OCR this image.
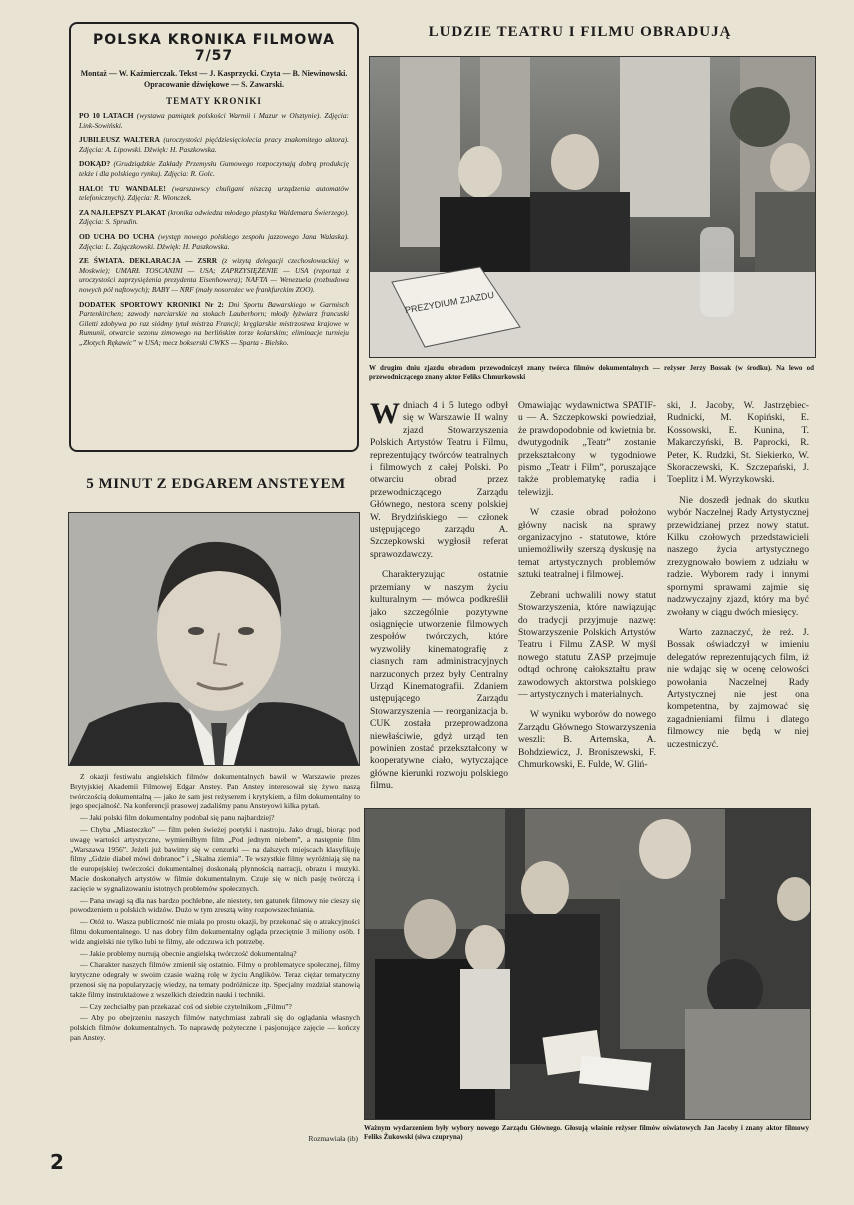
POLSKA KRONIKA FILMOWA 7/57

Montaż — W. Kaźmierczak. Tekst — J. Kasprzycki. Czyta — B. Niewinowski. Opracowanie dźwiękowe — S. Zawarski.

TEMATY KRONIKI

PO 10 LATACH (wystawa pamiątek polskości Warmii i Mazur w Olsztynie). Zdjęcia: Link-Sowiński.

JUBILEUSZ WALTERA (uroczystości pięćdziesięciolecia pracy znakomitego aktora). Zdjęcia: A. Lipowski. Dźwięk: H. Paszkowska.

DOKĄD? (Grudziądzkie Zakłady Przemysłu Gumowego rozpoczynają dobrą produkcję tekże i dla polskiego rynku). Zdjęcia: R. Golc.

HALO! TU WANDALE! (warszawscy chuligani niszczą urządzenia automatów telefonicznych). Zdjęcia: R. Wionczek.

ZA NAJLEPSZY PLAKAT (kronika odwiedza młodego plastyka Waldemara Świerzego). Zdjęcia: S. Sprudin.

OD UCHA DO UCHA (występ nowego polskiego zespołu jazzowego Jana Walaska). Zdjęcia: L. Zajączkowski. Dźwięk: H. Paszkowska.

ZE ŚWIATA. DEKLARACJA — ZSRR (z wizytą delegacji czechosłowackiej w Moskwie); UMARŁ TOSCANINI — USA; ZAPRZYSIĘŻENIE — USA (reportaż z uroczystości zaprzysiężenia prezydenta Eisenhowera); NAFTA — Wenezuela (rozbudowa nowych pól naftowych); BABY — NRF (mały nosorożec we frankfurckim ZOO).

DODATEK SPORTOWY KRONIKI Nr 2: Dni Sportu Bawarskiego w Garmisch Partenkirchen; zawody narciarskie na stokach Lauberhorn; młody łyżwiarz francuski Giletti zdobywa po raz siódmy tytuł mistrza Francji; kręglarskie mistrzostwa krajowe w Rumunii, otwarcie sezonu zimowego na berlińskim torze kolarskim; eliminacje turnieju „Złotych Rękawic” w USA; mecz bokserski CWKS — Sparta - Bielsko.

LUDZIE TEATRU I FILMU OBRADUJĄ
PREZYDIUM ZJAZDU
W drugim dniu zjazdu obradom przewodniczył znany twórca filmów dokumentalnych — reżyser Jerzy Bossak (w środku). Na lewo od przewodniczącego znany aktor Feliks Chmurkowski

Wdniach 4 i 5 lutego odbył się w Warszawie II walny zjazd Stowarzyszenia Polskich Artystów Teatru i Filmu, reprezentujący twórców teatralnych i filmowych z całej Polski. Po otwarciu obrad przez przewodniczącego Zarządu Głównego, nestora sceny polskiej W. Brydzińskiego — członek ustępującego zarządu A. Szczepkowski wygłosił referat sprawozdawczy.

Charakteryzując ostatnie przemiany w naszym życiu kulturalnym — mówca podkreślił jako szczególnie pozytywne osiągnięcie utworzenie filmowych zespołów twórczych, które wyzwoliły kinematografię z ciasnych ram administracyjnych narzuconych przez były Centralny Urząd Kinematografii. Zdaniem ustępującego Zarządu Stowarzyszenia — reorganizacja b. CUK została przeprowadzona niewłaściwie, gdyż urząd ten powinien zostać przekształcony w kooperatywne ciało, wytyczające główne kierunki rozwoju polskiego filmu.

Omawiając wydawnictwa SPATIF-u — A. Szczepkowski powiedział, że prawdopodobnie od kwietnia br. dwutygodnik „Teatr” zostanie przekształcony w tygodniowe pismo „Teatr i Film”, poruszające także problematykę radia i telewizji.

W czasie obrad położono główny nacisk na sprawy organizacyjno - statutowe, które uniemożliwiły szerszą dyskusję na temat artystycznych problemów sztuki teatralnej i filmowej.

Zebrani uchwalili nowy statut Stowarzyszenia, które nawiązując do tradycji przyjmuje nazwę: Stowarzyszenie Polskich Artystów Teatru i Filmu ZASP. W myśl nowego statutu ZASP przejmuje odtąd ochronę całokształtu praw zawodowych aktorstwa polskiego — artystycznych i materialnych.

W wyniku wyborów do nowego Zarządu Głównego Stowarzyszenia weszli: B. Artemska, A. Bohdziewicz, J. Broniszewski, F. Chmurkowski, E. Fulde, W. Gliń-

ski, J. Jacoby, W. Jastrzębiec-Rudnicki, M. Kopiński, E. Kossowski, E. Kunina, T. Makarczyński, B. Paprocki, R. Peter, K. Rudzki, St. Siekierko, W. Skoraczewski, K. Szczepański, J. Toeplitz i M. Wyrzykowski.

Nie doszedł jednak do skutku wybór Naczelnej Rady Artystycznej przewidzianej przez nowy statut. Kilku czołowych przedstawicieli naszego życia artystycznego zrezygnowało bowiem z udziału w radzie. Wyborem rady i innymi spornymi sprawami zajmie się nadzwyczajny zjazd, który ma być zwołany w ciągu dwóch miesięcy.

Warto zaznaczyć, że reż. J. Bossak oświadczył w imieniu delegatów reprezentujących film, iż nie wdając się w ocenę celowości powołania Naczelnej Rady Artystycznej nie jest ona kompetentna, by zajmować się zagadnieniami filmu i dlatego filmowcy nie będą w niej uczestniczyć.

Ważnym wydarzeniem były wybory nowego Zarządu Głównego. Głosują właśnie reżyser filmów oświatowych Jan Jacoby i znany aktor filmowy Feliks Żukowski (siwa czupryna)
5 MINUT Z EDGAREM ANSTEYEM

Z okazji festiwalu angielskich filmów dokumentalnych bawił w Warszawie prezes Brytyjskiej Akademii Filmowej Edgar Anstey. Pan Anstey interesował się żywo naszą twórczością dokumentalną — jako że sam jest reżyserem i krytykiem, a film dokumentalny to jego specjalność. Na konferencji prasowej zadaliśmy panu Ansteyowi kilka pytań.

— Jaki polski film dokumentalny podobał się panu najbardziej?

— Chyba „Miasteczko” — film pełen świeżej poetyki i nastroju. Jako drugi, biorąc pod uwagę wartości artystyczne, wymieniłbym film „Pod jednym niebem”, a następnie film „Warszawa 1956”. Jeżeli już bawimy się w cenzurki — na dalszych miejscach klasyfikuję filmy „Gdzie diabeł mówi dobranoc” i „Skalna ziemia”. Te wszystkie filmy wyróżniają się na tle europejskiej twórczości dokumentalnej doskonałą płynnością narracji, obrazu i muzyki. Macie doskonałych artystów w filmie dokumentalnym. Czuje się w nich pasję twórczą i zacięcie w sygnalizowaniu istotnych problemów społecznych.

— Pana uwagi są dla nas bardzo pochlebne, ale niestety, ten gatunek filmowy nie cieszy się powodzeniem u polskich widzów. Dużo w tym zresztą winy rozpowszechniania.

— Otóż to. Wasza publiczność nie miała po prostu okazji, by przekonać się o atrakcyjności filmu dokumentalnego. U nas dobry film dokumentalny ogląda przeciętnie 3 miliony osób. I widz angielski nie tylko lubi te filmy, ale odczuwa ich potrzebę.

— Jakie problemy nurtują obecnie angielską twórczość dokumentalną?

— Charakter naszych filmów zmienił się ostatnio. Filmy o problematyce społecznej, filmy krytyczne odegrały w swoim czasie ważną rolę w życiu Anglików. Teraz ciężar tematyczny przenosi się na popularyzację wiedzy, na tematy podróżnicze itp. Specjalny rozdział stanowią także filmy instruktażowe z wszelkich dziedzin nauki i techniki.

— Czy zechciałby pan przekazać coś od siebie czytelnikom „Filmu”?

— Aby po obejrzeniu naszych filmów natychmiast zabrali się do oglądania własnych polskich filmów dokumentalnych. To naprawdę pożyteczne i pasjonujące zajęcie — kończy pan Anstey.

Rozmawiała (ib)
2
